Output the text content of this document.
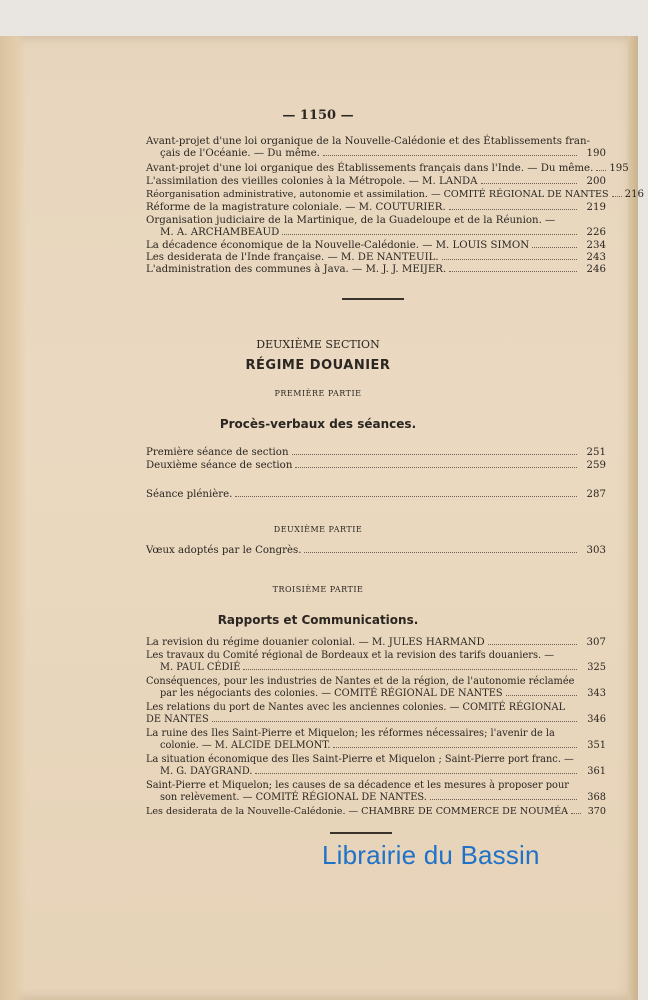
— 1150 —
Avant-projet d'une loi organique de la Nouvelle-Calédonie et des Établissements fran-
çais de l'Océanie. — Du même.	190
Avant-projet d'une loi organique des Établissements français dans l'Inde. — Du même. 195
L'assimilation des vieilles colonies à la Métropole. — M. LANDA	200
Réorganisation administrative, autonomie et assimilation. — COMITÉ RÉGIONAL DE NANTES 216
Réforme de la magistrature coloniale. — M. COUTURIER.	219
Organisation judiciaire de la Martinique, de la Guadeloupe et de la Réunion. —
M. A. ARCHAMBEAUD	226
La décadence économique de la Nouvelle-Calédonie. — M. LOUIS SIMON	234
Les desiderata de l'Inde française. — M. DE NANTEUIL.	243
L'administration des communes à Java. — M. J. J. MEIJER.	246
DEUXIÈME SECTION
RÉGIME DOUANIER
PREMIÈRE PARTIE
Procès-verbaux des séances.
Première séance de section	251
Deuxième séance de section	259
Séance plénière.	287
DEUXIÈME PARTIE
Vœux adoptés par le Congrès.	303
TROISIÈME PARTIE
Rapports et Communications.
La revision du régime douanier colonial. — M. JULES HARMAND	307
Les travaux du Comité régional de Bordeaux et la revision des tarifs douaniers. —
M. PAUL CÉDIÉ	325
Conséquences, pour les industries de Nantes et de la région, de l'autonomie réclamée
par les négociants des colonies. — COMITÉ RÉGIONAL DE NANTES	343
Les relations du port de Nantes avec les anciennes colonies. — COMITÉ RÉGIONAL
DE NANTES	346
La ruine des Iles Saint-Pierre et Miquelon; les réformes nécessaires; l'avenir de la
colonie. — M. ALCIDE DELMONT.	351
La situation économique des Iles Saint-Pierre et Miquelon ; Saint-Pierre port franc. —
M. G. DAYGRAND.	361
Saint-Pierre et Miquelon; les causes de sa décadence et les mesures à proposer pour
son relèvement. — COMITÉ RÉGIONAL DE NANTES.	368
Les desiderata de la Nouvelle-Calédonie. — CHAMBRE DE COMMERCE DE NOUMÉA	370
Librairie du Bassin
